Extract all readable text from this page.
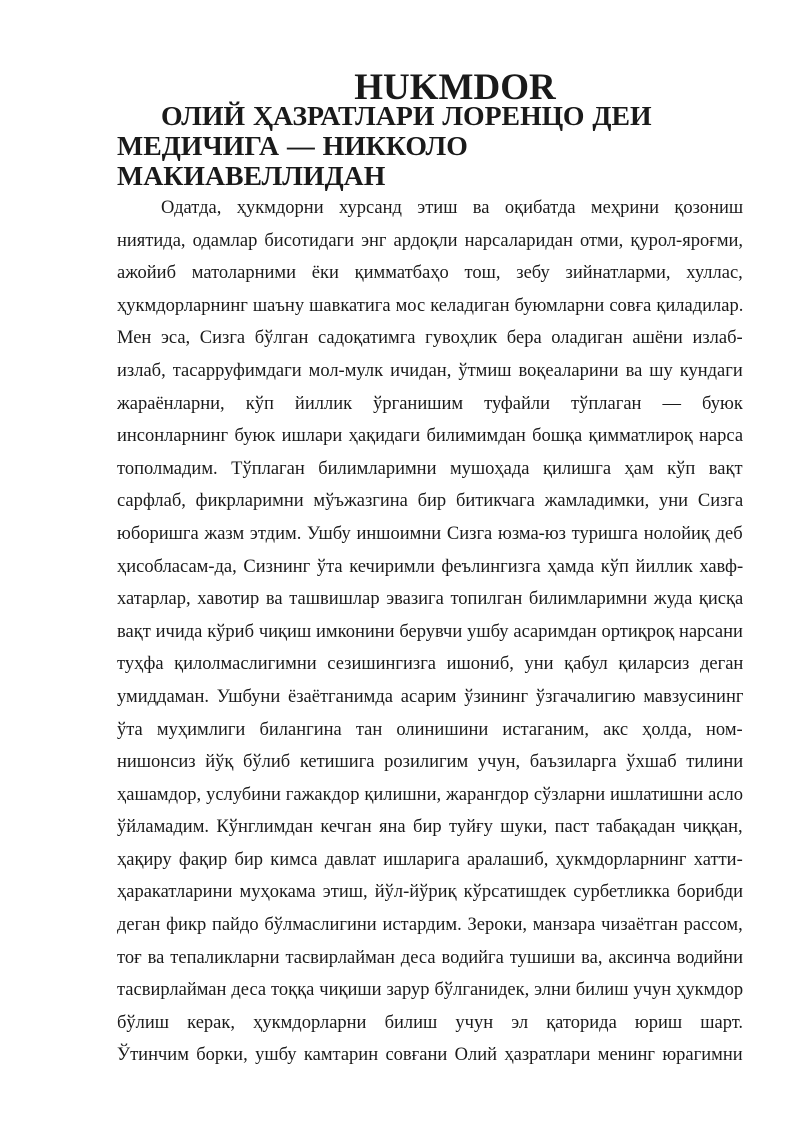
HUKMDOR
ОЛИЙ ҲАЗРАТЛАРИ ЛОРЕНЦО ДЕИ МЕДИЧИГА — НИККОЛО МАКИАВЕЛЛИДАН
Одатда, ҳукмдорни хурсанд этиш ва оқибатда меҳрини қозониш
ниятида, одамлар бисотидаги энг ардоқли нарсаларидан отми, қурол-яроғми,
ажойиб матоларними ёки қимматбаҳо тош, зебу зийнатларми, хуллас,
ҳукмдорларнинг шаъну шавкатига мос келадиган буюмларни совға қиладилар.
Мен эса, Сизга бўлган садоқатимга гувоҳлик бера оладиган ашёни излаб-
излаб, тасарруфимдаги мол-мулк ичидан, ўтмиш воқеаларини ва шу кундаги
жараёнларни, кўп йиллик ўрганишим туфайли тўплаган — буюк
инсонларнинг буюк ишлари ҳақидаги билимимдан бошқа қимматлироқ нарса
тополмадим. Тўплаган билимларимни мушоҳада қилишга ҳам кўп вақт
сарфлаб, фикрларимни мўъжазгина бир битикчага жамладимки, уни Сизга
юборишга жазм этдим. Ушбу иншоимни Сизга юзма-юз туришга нолойиқ деб
ҳисобласам-да, Сизнинг ўта кечиримли феълингизга ҳамда кўп йиллик хавф-
хатарлар, хавотир ва ташвишлар эвазига топилган билимларимни жуда қисқа
вақт ичида кўриб чиқиш имконини берувчи ушбу асаримдан ортиқроқ нарсани
туҳфа қилолмаслигимни сезишингизга ишониб, уни қабул қиларсиз деган
умиддаман. Ушбуни ёзаётганимда асарим ўзининг ўзгачалигию мавзусининг
ўта муҳимлиги билангина тан олинишини истаганим, акс ҳолда, ном-
нишонсиз йўқ бўлиб кетишига розилигим учун, баъзиларга ўхшаб тилини
ҳашамдор, услубини гажакдор қилишни, жарангдор сўзларни ишлатишни асло
ўйламадим. Кўнглимдан кечган яна бир туйғу шуки, паст табақадан чиққан,
ҳақиру фақир бир кимса давлат ишларига аралашиб, ҳукмдорларнинг хатти-
ҳаракатларини муҳокама этиш, йўл-йўриқ кўрсатишдек сурбетликка борибди
деган фикр пайдо бўлмаслигини истардим. Зероки, манзара чизаётган рассом,
тоғ ва тепаликларни тасвирлайман деса водийга тушиши ва, аксинча водийни
тасвирлайман деса тоққа чиқиши зарур бўлганидек, элни билиш учун ҳукмдор
бўлиш керак, ҳукмдорларни билиш учун эл қаторида юриш шарт.
Ўтинчим борки, ушбу камтарин совғани Олий ҳазратлари менинг юрагимни
